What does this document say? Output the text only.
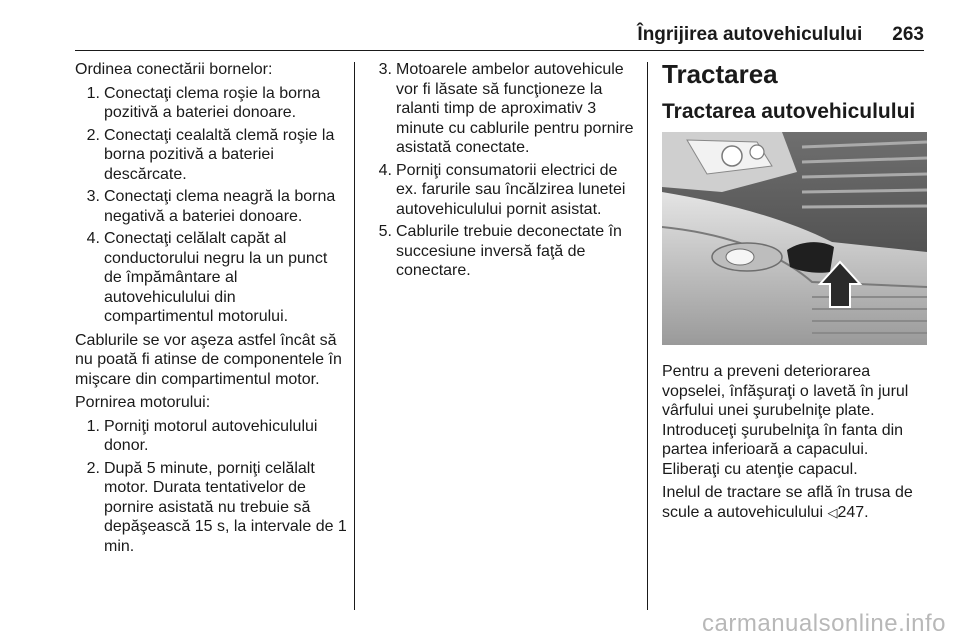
Îngrijirea autovehiculului 263

Ordinea conectării bornelor:

1. Conectaţi clema roşie la borna pozitivă a bateriei donoare.
2. Conectaţi cealaltă clemă roşie la borna pozitivă a bateriei descărcate.
3. Conectaţi clema neagră la borna negativă a bateriei donoare.
4. Conectaţi celălalt capăt al conductorului negru la un punct de împământare al autovehiculului din compartimentul motorului.

Cablurile se vor aşeza astfel încât să nu poată fi atinse de componentele în mişcare din compartimentul motor.

Pornirea motorului:

1. Porniţi motorul autovehiculului donor.
2. După 5 minute, porniţi celălalt motor. Durata tentativelor de pornire asistată nu trebuie să depăşească 15 s, la intervale de 1 min.
3. Motoarele ambelor autovehicule vor fi lăsate să funcţioneze la ralanti timp de aproximativ 3 minute cu cablurile pentru pornire asistată conectate.
4. Porniţi consumatorii electrici de ex. farurile sau încălzirea lunetei autovehiculului pornit asistat.
5. Cablurile trebuie deconectate în succesiune inversă faţă de conectare.
Tractarea
Tractarea autovehiculului

Pentru a preveni deteriorarea vopselei, înfăşuraţi o lavetă în jurul vârfului unei şurubelniţe plate. Introduceţi şurubelniţa în fanta din partea inferioară a capacului. Eliberaţi cu atenţie capacul.

Inelul de tractare se află în trusa de scule a autovehiculului ◁247.

carmanualsonline.info
